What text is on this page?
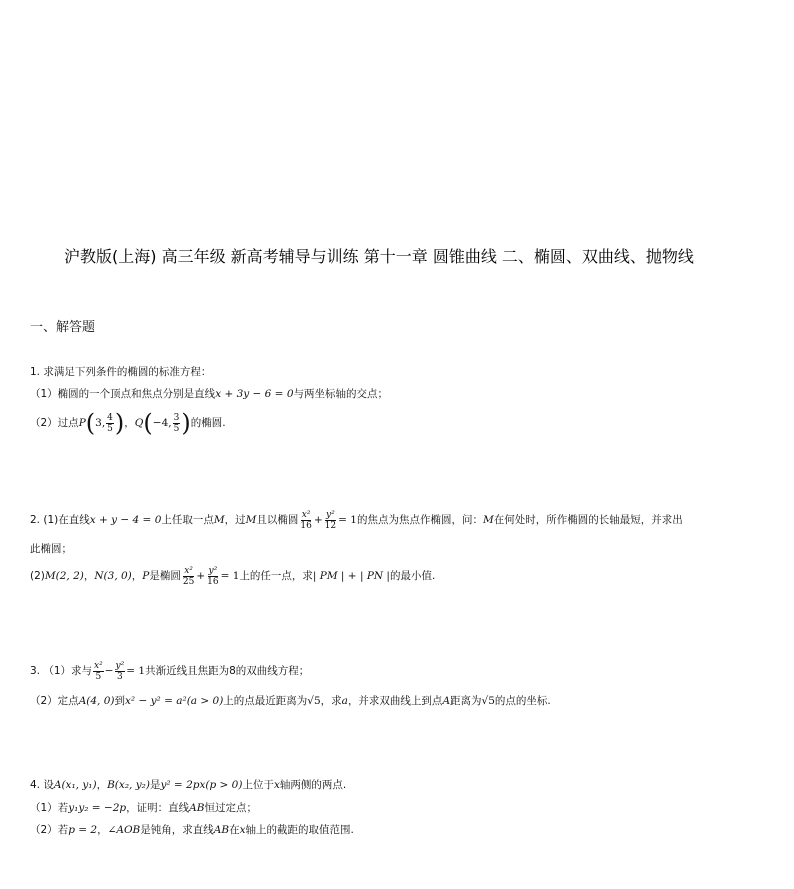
沪教版(上海) 高三年级 新高考辅导与训练 第十一章 圆锥曲线 二、椭圆、双曲线、抛物线
一、解答题
1. 求满足下列条件的椭圆的标准方程：
（1）椭圆的一个顶点和焦点分别是直线x + 3y − 6 = 0与两坐标轴的交点；
（2）过点P(3, $\frac{4}{5}$ )，Q(−4, $\frac{3}{5}$ )的椭圆.
2. (1)在直线x + y − 4 = 0上任取一点M，过M且以椭圆 $\frac{\text{x²}}{16} + \frac{\text{y²}}{12} = 1$的焦点为焦点作椭圆，问：M在何处时，所作椭圆的长轴最短，并求出
此椭圆；
(2)M(2, 2)，N(3, 0)，P是椭圆 $\frac{\text{x²}}{25} + \frac{\text{y²}}{16} = 1$上的任一点，求| PM | + | PN |的最小值.
3. （1）求与 $\frac{\text{x²}}{5} - \frac{\text{y²}}{3} = 1$共渐近线且焦距为8的双曲线方程；
（2）定点A(4, 0)到x² − y² = a²(a > 0)上的点最近距离为√5，求a，并求双曲线上到点A距离为√5的点的坐标.
4. 设A(x₁, y₁)，B(x₂, y₂)是y² = 2px(p > 0)上位于x轴两侧的两点.
（1）若y₁y₂ = −2p，证明：直线AB恒过定点；
（2）若p = 2，∠AOB是钝角，求直线AB在x轴上的截距的取值范围.
